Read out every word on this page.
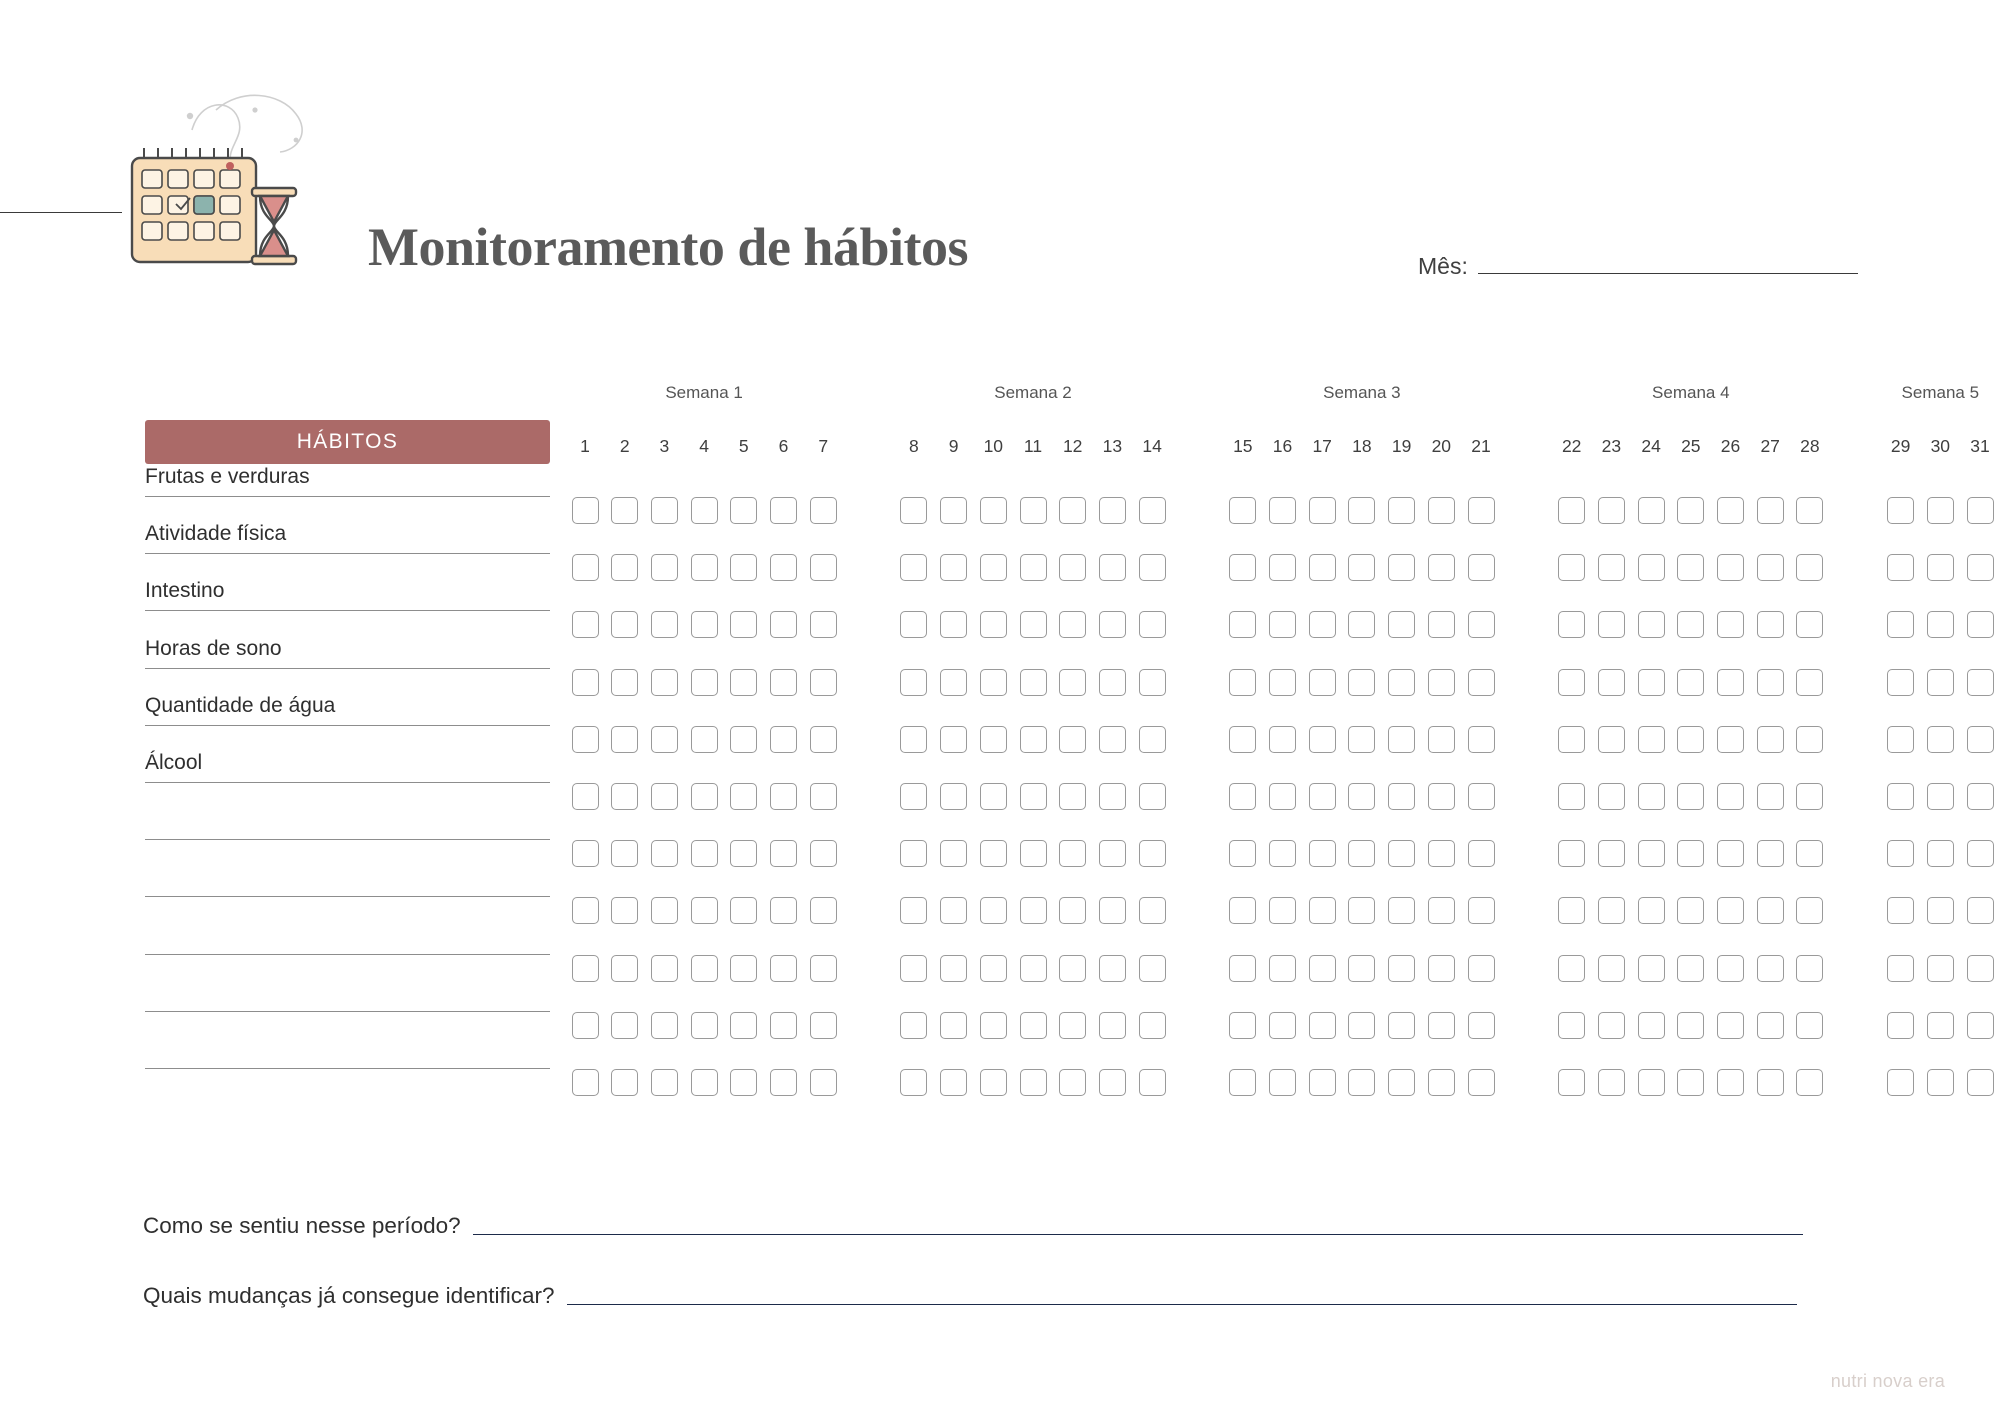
Monitoramento de hábitos	Mês:
HÁBITOS
Semana 1	Semana 2	Semana 3	Semana 4	Semana 5
1 2 3 4 5 6 7	8 9 10 11 12 13 14	15 16 17 18 19 20 21	22 23 24 25 26 27 28	29 30 31
Frutas e verduras
Atividade física
Intestino
Horas de sono
Quantidade de água
Álcool

Como se sentiu nesse período?
Quais mudanças já consegue identificar?
nutri nova era
